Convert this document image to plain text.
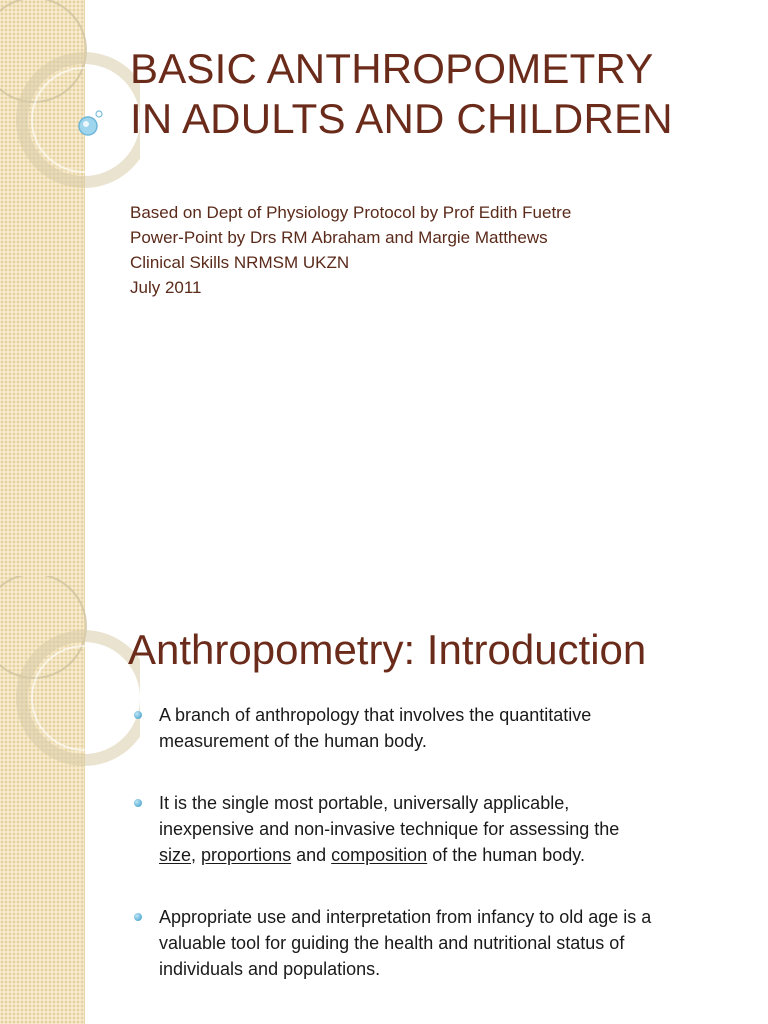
BASIC ANTHROPOMETRY
IN ADULTS AND CHILDREN
Based on Dept of Physiology Protocol by Prof Edith Fuetre
Power-Point by Drs RM Abraham and Margie Matthews
Clinical Skills NRMSM UKZN
July 2011
Anthropometry: Introduction
A branch of anthropology that involves the quantitative
measurement of the human body.
It is the single most portable, universally applicable,
inexpensive and non-invasive technique for assessing the
size, proportions and composition of the human body.
Appropriate use and interpretation from infancy to old age is a
valuable tool for guiding the health and nutritional status of
individuals and populations.
